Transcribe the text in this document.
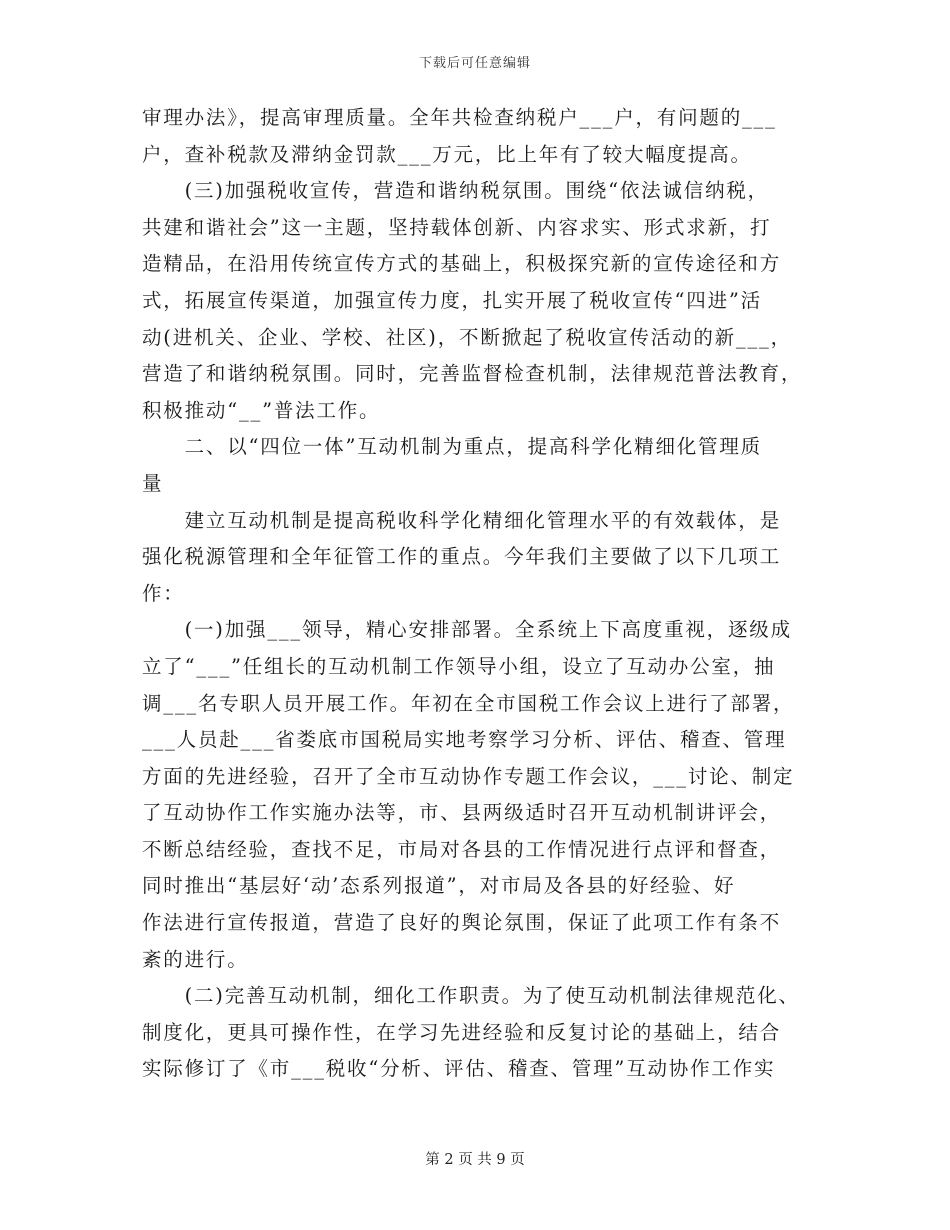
下载后可任意编辑
审理办法》，提高审理质量。全年共检查纳税户___户，有问题的___
户，查补税款及滞纳金罚款___万元，比上年有了较大幅度提高。
　　(三)加强税收宣传，营造和谐纳税氛围。围绕“依法诚信纳税，
共建和谐社会”这一主题，坚持载体创新、内容求实、形式求新，打
造精品，在沿用传统宣传方式的基础上，积极探究新的宣传途径和方
式，拓展宣传渠道，加强宣传力度，扎实开展了税收宣传“四进”活
动(进机关、企业、学校、社区)，不断掀起了税收宣传活动的新___，
营造了和谐纳税氛围。同时，完善监督检查机制，法律规范普法教育，
积极推动“__”普法工作。
　　二、以“四位一体”互动机制为重点，提高科学化精细化管理质
量
　　建立互动机制是提高税收科学化精细化管理水平的有效载体，是
强化税源管理和全年征管工作的重点。今年我们主要做了以下几项工
作：
　　(一)加强___领导，精心安排部署。全系统上下高度重视，逐级成
立了“___”任组长的互动机制工作领导小组，设立了互动办公室，抽
调___名专职人员开展工作。年初在全市国税工作会议上进行了部署，
___人员赴___省娄底市国税局实地考察学习分析、评估、稽查、管理
方面的先进经验，召开了全市互动协作专题工作会议，___讨论、制定
了互动协作工作实施办法等，市、县两级适时召开互动机制讲评会，
不断总结经验，查找不足，市局对各县的工作情况进行点评和督查，
同时推出“基层好‘动’态系列报道”，对市局及各县的好经验、好
作法进行宣传报道，营造了良好的舆论氛围，保证了此项工作有条不
紊的进行。
　　(二)完善互动机制，细化工作职责。为了使互动机制法律规范化、
制度化，更具可操作性，在学习先进经验和反复讨论的基础上，结合
实际修订了《市___税收“分析、评估、稽查、管理”互动协作工作实
第 2 页 共 9 页
